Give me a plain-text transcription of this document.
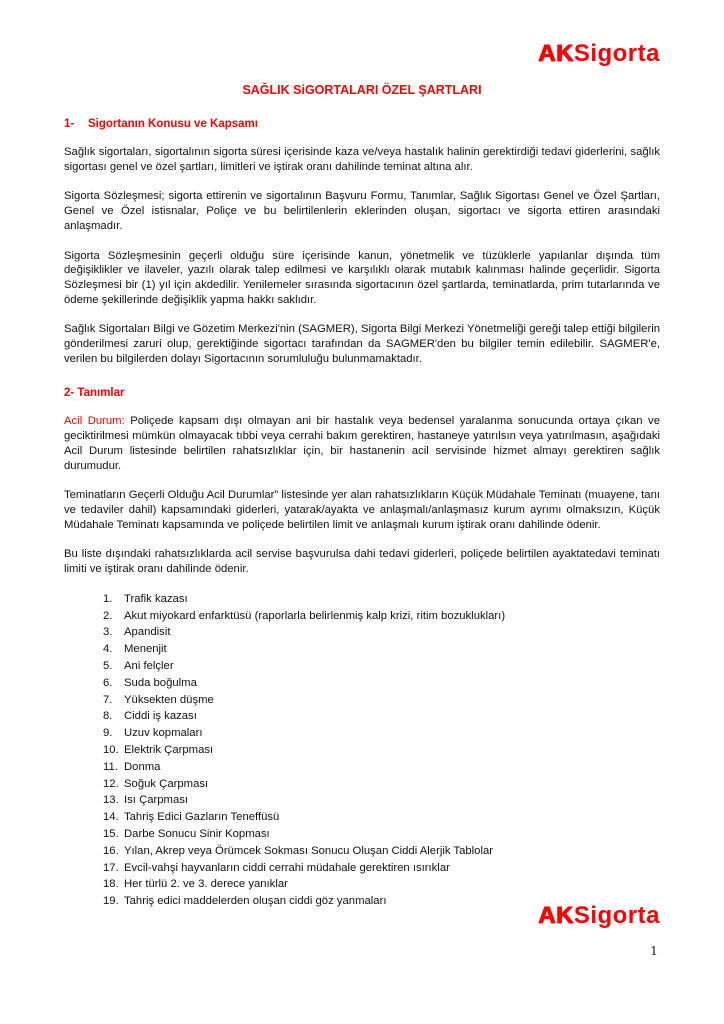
AKSigorta
SAĞLIK SiGORTALARI ÖZEL ŞARTLARI
1- Sigortanın Konusu ve Kapsamı

Sağlık sigortaları, sigortalının sigorta süresi içerisinde kaza ve/veya hastalık halinin gerektirdiği tedavi giderlerini, sağlık sigortası genel ve özel şartları, limitleri ve iştirak oranı dahilinde teminat altına alır.

Sigorta Sözleşmesi; sigorta ettirenin ve sigortalının Başvuru Formu, Tanımlar, Sağlık Sigortası Genel ve Özel Şartları, Genel ve Özel istisnalar, Poliçe ve bu belirtilenlerin eklerinden oluşan, sigortacı ve sigorta ettiren arasındaki anlaşmadır.

Sigorta Sözleşmesinin geçerli olduğu süre içerisinde kanun, yönetmelik ve tüzüklerle yapılanlar dışında tüm değişiklikler ve ilaveler, yazılı olarak talep edilmesi ve karşılıklı olarak mutabık kalınması halinde geçerlidir. Sigorta Sözleşmesi bir (1) yıl için akdedilir. Yenilemeler sırasında sigortacının özel şartlarda, teminatlarda, prim tutarlarında ve ödeme şekillerinde değişiklik yapma hakkı saklıdır.

Sağlık Sigortaları Bilgi ve Gözetim Merkezi'nin (SAGMER), Sigorta Bilgi Merkezi Yönetmeliği gereği talep ettiği bilgilerin gönderilmesi zaruri olup, gerektiğinde sigortacı tarafından da SAGMER'den bu bilgiler temin edilebilir. SAGMER'e, verilen bu bilgilerden dolayı Sigortacının sorumluluğu bulunmamaktadır.

2- Tanımlar

Acil Durum: Poliçede kapsam dışı olmayan ani bir hastalık veya bedensel yaralanma sonucunda ortaya çıkan ve geciktirilmesi mümkün olmayacak tıbbi veya cerrahi bakım gerektiren, hastaneye yatırılsın veya yatırılmasın, aşağıdaki Acil Durum listesinde belirtilen rahatsızlıklar için, bir hastanenin acil servisinde hizmet almayı gerektiren sağlık durumudur.

Teminatların Geçerli Olduğu Acil Durumlar” listesinde yer alan rahatsızlıkların Küçük Müdahale Teminatı (muayene, tanı ve tedaviler dahil) kapsamındaki giderleri, yatarak/ayakta ve anlaşmalı/anlaşmasız kurum ayrımı olmaksızın, Küçük Müdahale Teminatı kapsamında ve poliçede belirtilen limit ve anlaşmalı kurum iştirak oranı dahilinde ödenir.

Bu liste dışındaki rahatsızlıklarda acil servise başvurulsa dahi tedavi giderleri, poliçede belirtilen ayaktatedavi teminatı limiti ve iştirak oranı dahilinde ödenir.

1.	Trafik kazası
2.	Akut miyokard enfarktüsü (raporlarla belirlenmiş kalp krizi, ritim bozuklukları)
3.	Apandisit
4.	Menenjit
5.	Ani felçler
6.	Suda boğulma
7.	Yüksekten düşme
8.	Ciddi iş kazası
9.	Uzuv kopmaları
10. Elektrik Çarpması
11. Donma
12. Soğuk Çarpması
13. Isı Çarpması
14. Tahriş Edici Gazların Teneffüsü
15. Darbe Sonucu Sinir Kopması
16. Yılan, Akrep veya Örümcek Sokması Sonucu Oluşan Ciddi Alerjik Tablolar
17. Evcil-vahşi hayvanların ciddi cerrahi müdahale gerektiren ısırıklar
18. Her türlü 2. ve 3. derece yanıklar
19. Tahriş edici maddelerden oluşan ciddi göz yanmaları
AKSigorta
1
